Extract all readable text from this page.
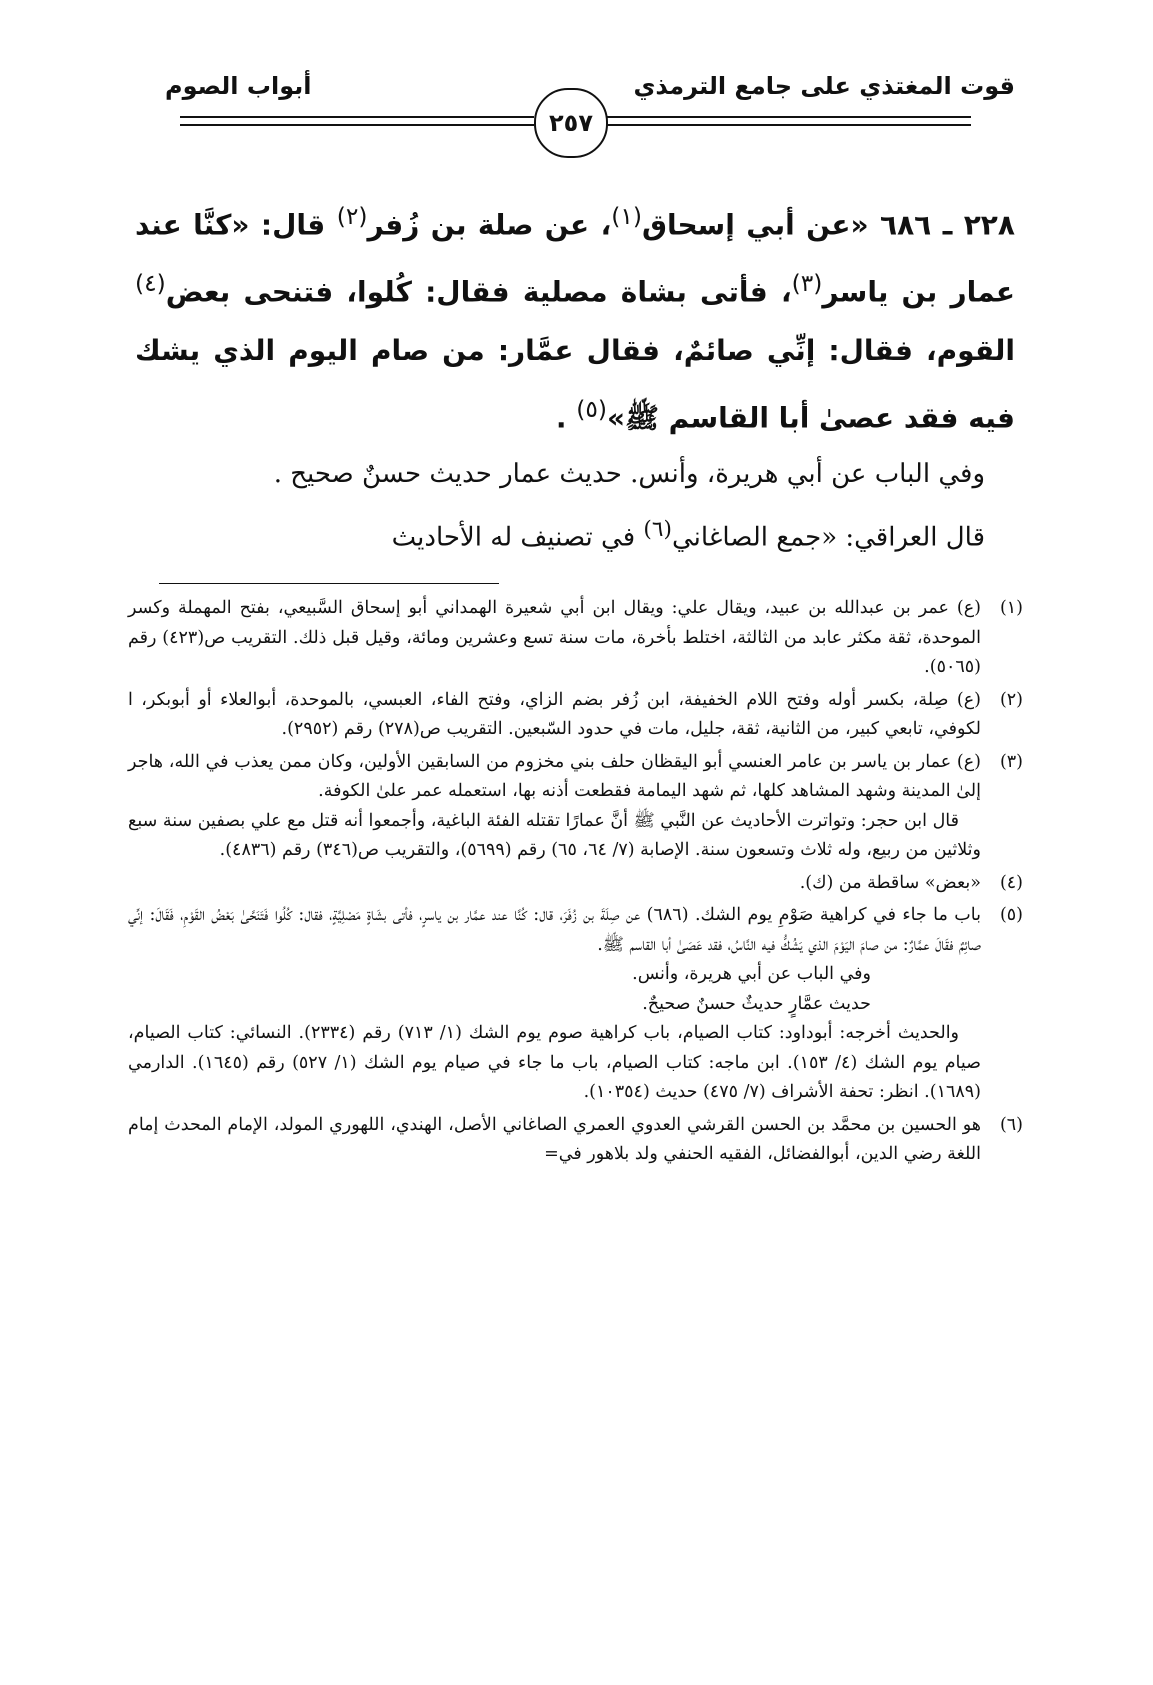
قوت المغتذي على جامع الترمذي
أبواب الصوم
٢٥٧

٢٢٨ ـ ٦٨٦ «عن أبي إسحاق$^{(١)}$، عن صلة بن زُفر$^{(٢)}$ قال: «كنَّا عند عمار بن ياسر$^{(٣)}$، فأتى بشاة مصلية فقال: كُلوا، فتنحى بعض$^{(٤)}$ القوم، فقال: إنِّي صائمٌ، فقال عمَّار: من صام اليوم الذي يشك فيه فقد عصىٰ أبا القاسم ﷺ»$^{(٥)}$ .

وفي الباب عن أبي هريرة، وأنس. حديث عمار حديث حسنٌ صحيح .

قال العراقي: «جمع الصاغاني$^{(٦)}$ في تصنيف له الأحاديث

(١)

(ع) عمر بن عبدالله بن عبيد، ويقال علي: ويقال ابن أبي شعيرة الهمداني أبو إسحاق السَّبيعي، بفتح المهملة وكسر الموحدة، ثقة مكثر عابد من الثالثة، اختلط بأخرة، مات سنة تسع وعشرين ومائة، وقيل قبل ذلك. التقريب ص(٤٢٣) رقم (٥٠٦٥).

(٢)

(ع) صِلة، بكسر أوله وفتح اللام الخفيفة، ابن زُفر بضم الزاي، وفتح الفاء، العبسي، بالموحدة، أبوالعلاء أو أبوبكر، ا لكوفي، تابعي كبير، من الثانية، ثقة، جليل، مات في حدود السّبعين. التقريب ص(٢٧٨) رقم (٢٩٥٢).

(٣)

(ع) عمار بن ياسر بن عامر العنسي أبو اليقظان حلف بني مخزوم من السابقين الأولين، وكان ممن يعذب في الله، هاجر إلىٰ المدينة وشهد المشاهد كلها، ثم شهد اليمامة فقطعت أذنه بها، استعمله عمر علىٰ الكوفة.

قال ابن حجر: وتواترت الأحاديث عن النَّبي ﷺ أنَّ عمارًا تقتله الفئة الباغية، وأجمعوا أنه قتل مع علي بصفين سنة سبع وثلاثين من ربيع، وله ثلاث وتسعون سنة. الإصابة (٧/ ٦٤، ٦٥) رقم (٥٦٩٩)، والتقريب ص(٣٤٦) رقم (٤٨٣٦).

(٤)

«بعض» ساقطة من (ك).

(٥)

باب ما جاء في كراهية صَوْمِ يوم الشك. (٦٨٦) عن صِلَةَ بن زُفَرَ، قال: كُنَّا عند عمَّار بن ياسرٍ، فأتى بشَاةٍ مَصْلِيَّةٍ، فقال: كُلُوا فَتَنَحَّىٰ بَعْضُ القَوْمِ، فَقَالَ: إنِّي صائِمٌ فقَالَ عمَّارٌ: من صامَ اليَوْمَ الذي يَشُكُّ فيه النَّاسُ، فقد عَصَىٰ أبا القاسم ﷺ.

وفي الباب عن أبي هريرة، وأنس.

حديث عمَّارٍ حديثٌ حسنٌ صحيحٌ.

والحديث أخرجه: أبوداود: كتاب الصيام، باب كراهية صوم يوم الشك (١/ ٧١٣) رقم (٢٣٣٤). النسائي: كتاب الصيام، صيام يوم الشك (٤/ ١٥٣). ابن ماجه: كتاب الصيام، باب ما جاء في صيام يوم الشك (١/ ٥٢٧) رقم (١٦٤٥). الدارمي (١٦٨٩). انظر: تحفة الأشراف (٧/ ٤٧٥) حديث (١٠٣٥٤).

(٦)

هو الحسين بن محمَّد بن الحسن القرشي العدوي العمري الصاغاني الأصل، الهندي، اللهوري المولد، الإمام المحدث إمام اللغة رضي الدين، أبوالفضائل، الفقيه الحنفي ولد بلاهور في=
